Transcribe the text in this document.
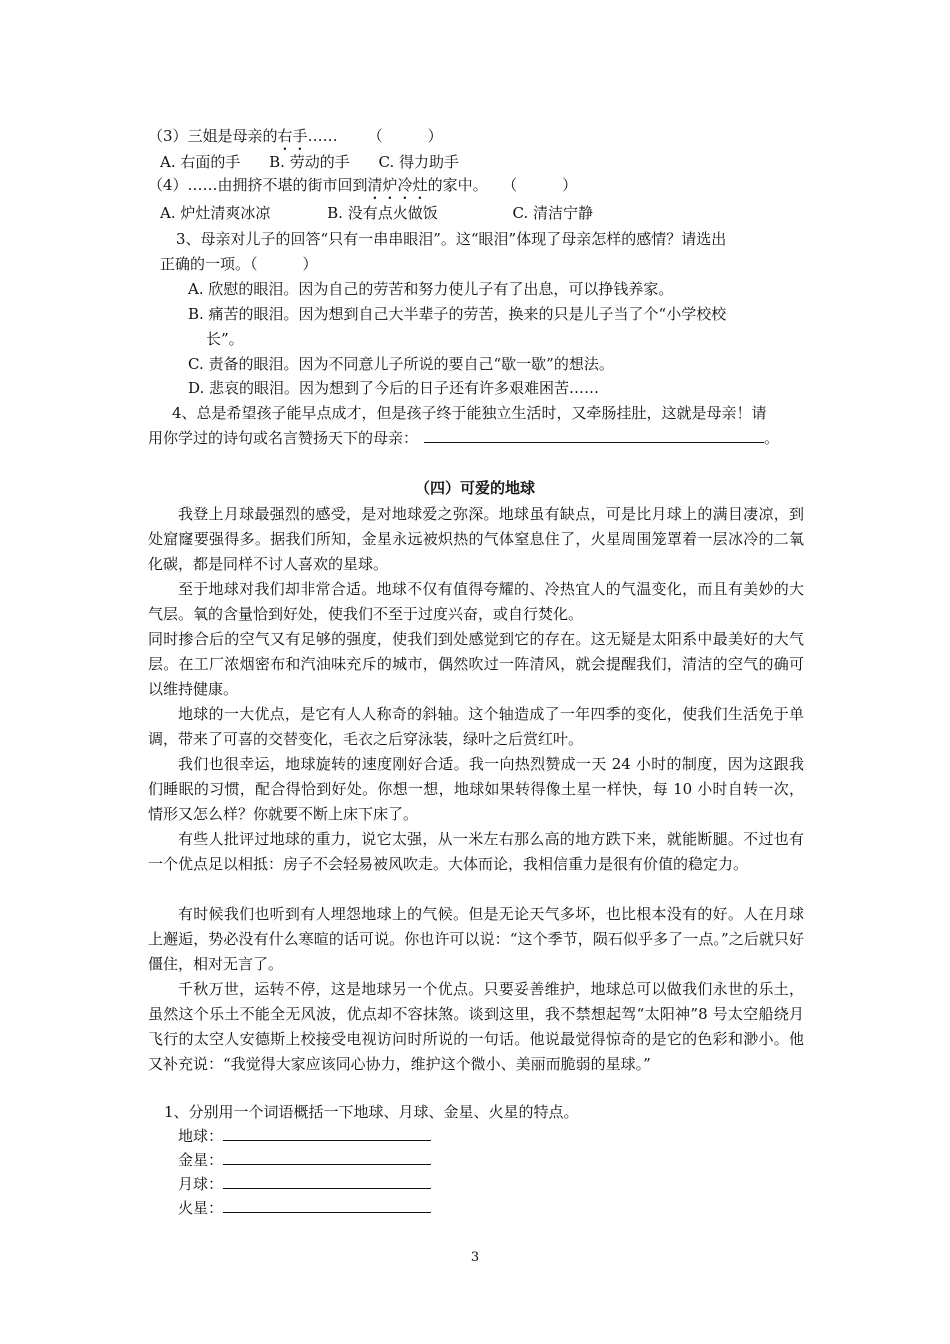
（3）三姐是母亲的右手…… （　　　）
A. 右面的手 B. 劳动的手 C. 得力助手
（4）……由拥挤不堪的街市回到清炉冷灶的家中。 （　　　）
A. 炉灶清爽冰凉	B. 没有点火做饭	C. 清洁宁静
3、母亲对儿子的回答“只有一串串眼泪”。这“眼泪”体现了母亲怎样的感情？请选出
正确的一项。（　　　）
A. 欣慰的眼泪。因为自己的劳苦和努力使儿子有了出息，可以挣钱养家。
B. 痛苦的眼泪。因为想到自己大半辈子的劳苦，换来的只是儿子当了个“小学校校
长”。
C. 责备的眼泪。因为不同意儿子所说的要自己“歇一歇”的想法。
D. 悲哀的眼泪。因为想到了今后的日子还有许多艰难困苦……
4、总是希望孩子能早点成才，但是孩子终于能独立生活时，又牵肠挂肚，这就是母亲！请
用你学过的诗句或名言赞扬天下的母亲：	。
（四）可爱的地球
我登上月球最强烈的感受，是对地球爱之弥深。地球虽有缺点，可是比月球上的满目凄凉，到处窟窿要强得多。据我们所知，金星永远被炽热的气体窒息住了，火星周围笼罩着一层冰冷的二氧化碳，都是同样不讨人喜欢的星球。
至于地球对我们却非常合适。地球不仅有值得夸耀的、冷热宜人的气温变化，而且有美妙的大气层。氧的含量恰到好处，使我们不至于过度兴奋，或自行焚化。
同时掺合后的空气又有足够的强度，使我们到处感觉到它的存在。这无疑是太阳系中最美好的大气层。在工厂浓烟密布和汽油味充斥的城市，偶然吹过一阵清风，就会提醒我们，清洁的空气的确可以维持健康。
地球的一大优点，是它有人人称奇的斜轴。这个轴造成了一年四季的变化，使我们生活免于单调，带来了可喜的交替变化，毛衣之后穿泳装，绿叶之后赏红叶。
我们也很幸运，地球旋转的速度刚好合适。我一向热烈赞成一天 24 小时的制度，因为这跟我们睡眠的习惯，配合得恰到好处。你想一想，地球如果转得像土星一样快，每 10 小时自转一次，情形又怎么样？你就要不断上床下床了。
有些人批评过地球的重力，说它太强，从一米左右那么高的地方跌下来，就能断腿。不过也有一个优点足以相抵：房子不会轻易被风吹走。大体而论，我相信重力是很有价值的稳定力。
有时候我们也听到有人埋怨地球上的气候。但是无论天气多坏，也比根本没有的好。人在月球上邂逅，势必没有什么寒暄的话可说。你也许可以说：“这个季节，陨石似乎多了一点。”之后就只好僵住，相对无言了。
千秋万世，运转不停，这是地球另一个优点。只要妥善维护，地球总可以做我们永世的乐土，虽然这个乐土不能全无风波，优点却不容抹煞。谈到这里，我不禁想起驾“太阳神”8 号太空船绕月飞行的太空人安德斯上校接受电视访问时所说的一句话。他说最觉得惊奇的是它的色彩和渺小。他又补充说：“我觉得大家应该同心协力，维护这个微小、美丽而脆弱的星球。”
1、分别用一个词语概括一下地球、月球、金星、火星的特点。
地球：
金星：
月球：
火星：
3
